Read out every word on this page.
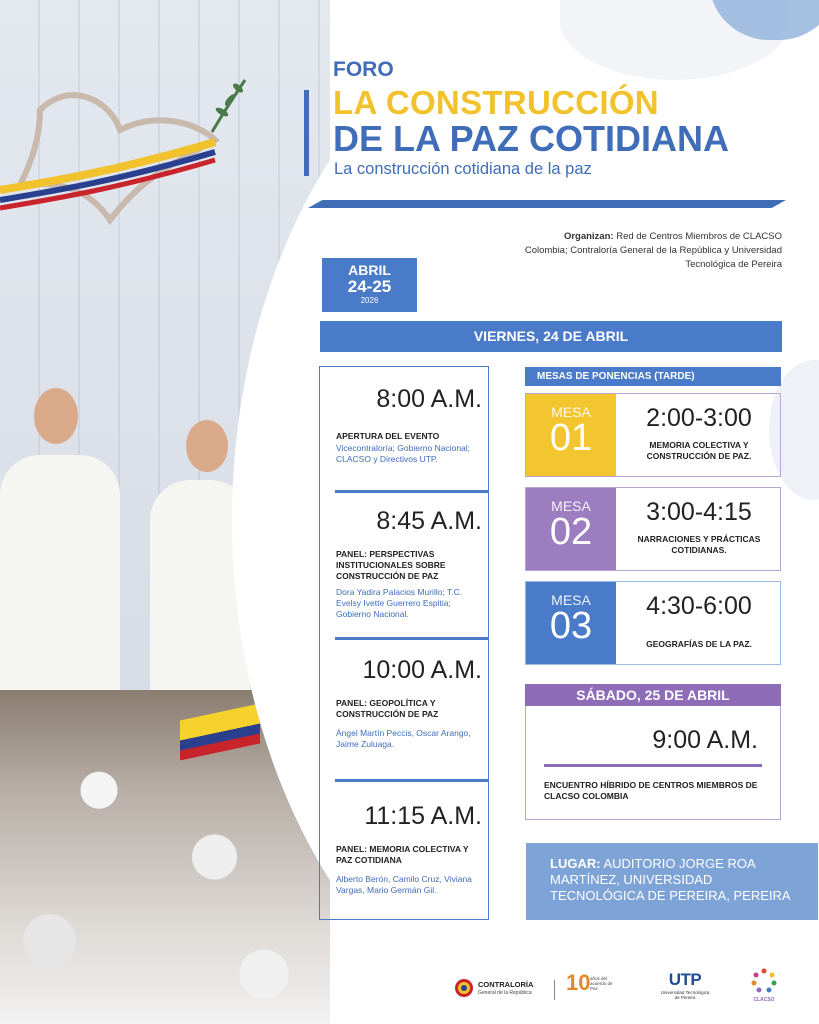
FORO
LA CONSTRUCCIÓN
DE LA PAZ COTIDIANA
La construcción cotidiana de la paz
Organizan: Red de Centros Miembros de CLACSO Colombia; Contraloría General de la República y Universidad Tecnológica de Pereira
ABRIL
24-25
2026
VIERNES, 24 DE ABRIL
8:00 A.M.
APERTURA DEL EVENTO
Vicecontraloría; Gobierno Nacional; CLACSO y Directivos UTP.
8:45 A.M.
PANEL: PERSPECTIVAS INSTITUCIONALES SOBRE CONSTRUCCIÓN DE PAZ
Dora Yadira Palacios Murillo; T.C. Evelsy Ivette Guerrero Espitia; Gobierno Nacional.
10:00 A.M.
PANEL: GEOPOLÍTICA Y CONSTRUCCIÓN DE PAZ
Ángel Martín Peccis, Oscar Arango, Jaime Zuluaga.
11:15 A.M.
PANEL: MEMORIA COLECTIVA Y PAZ COTIDIANA
Alberto Berón, Camilo Cruz, Viviana Vargas, Mario Germán Gil.
MESAS DE PONENCIAS (TARDE)
MESA
01	2:00-3:00
MEMORIA COLECTIVA Y CONSTRUCCIÓN DE PAZ.
MESA
02	3:00-4:15
NARRACIONES Y PRÁCTICAS COTIDIANAS.
MESA
03	4:30-6:00
GEOGRAFÍAS DE LA PAZ.
SÁBADO, 25 DE ABRIL
9:00 A.M.
ENCUENTRO HÍBRIDO DE CENTROS MIEMBROS DE CLACSO COLOMBIA
LUGAR: AUDITORIO JORGE ROA MARTÍNEZ, UNIVERSIDAD TECNOLÓGICA DE PEREIRA, PEREIRA
CONTRALORÍA
General de la República 10 años del acuerdo de Paz	UTP
Universidad Tecnológica de Pereira	CLACSO
